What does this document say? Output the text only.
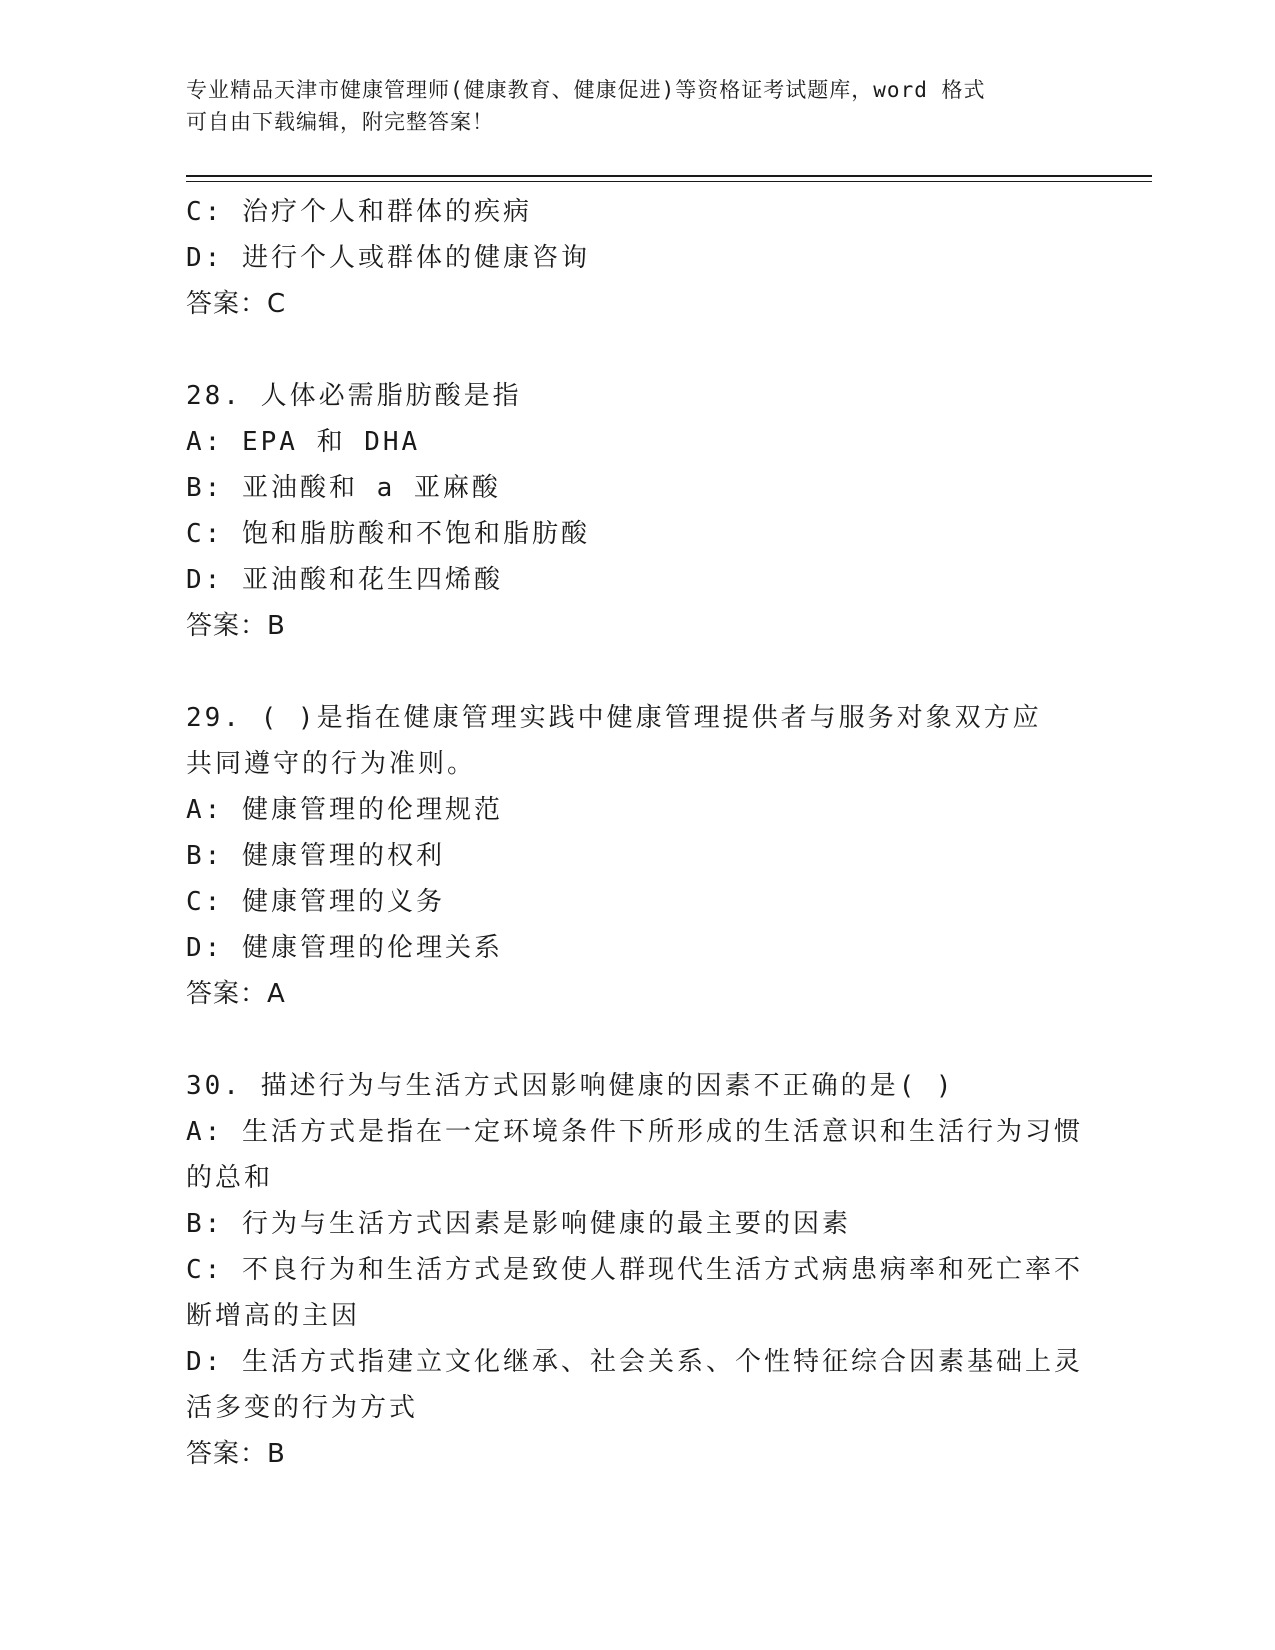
专业精品天津市健康管理师(健康教育、健康促进)等资格证考试题库，word 格式
可自由下载编辑，附完整答案！
C: 治疗个人和群体的疾病
D: 进行个人或群体的健康咨询
答案：C
28. 人体必需脂肪酸是指
A: EPA 和 DHA
B: 亚油酸和 a 亚麻酸
C: 饱和脂肪酸和不饱和脂肪酸
D: 亚油酸和花生四烯酸
答案：B
29. ( )是指在健康管理实践中健康管理提供者与服务对象双方应
共同遵守的行为准则。
A: 健康管理的伦理规范
B: 健康管理的权利
C: 健康管理的义务
D: 健康管理的伦理关系
答案：A
30. 描述行为与生活方式因影响健康的因素不正确的是( )
A: 生活方式是指在一定环境条件下所形成的生活意识和生活行为习惯
的总和
B: 行为与生活方式因素是影响健康的最主要的因素
C: 不良行为和生活方式是致使人群现代生活方式病患病率和死亡率不
断增高的主因
D: 生活方式指建立文化继承、社会关系、个性特征综合因素基础上灵
活多变的行为方式
答案：B
